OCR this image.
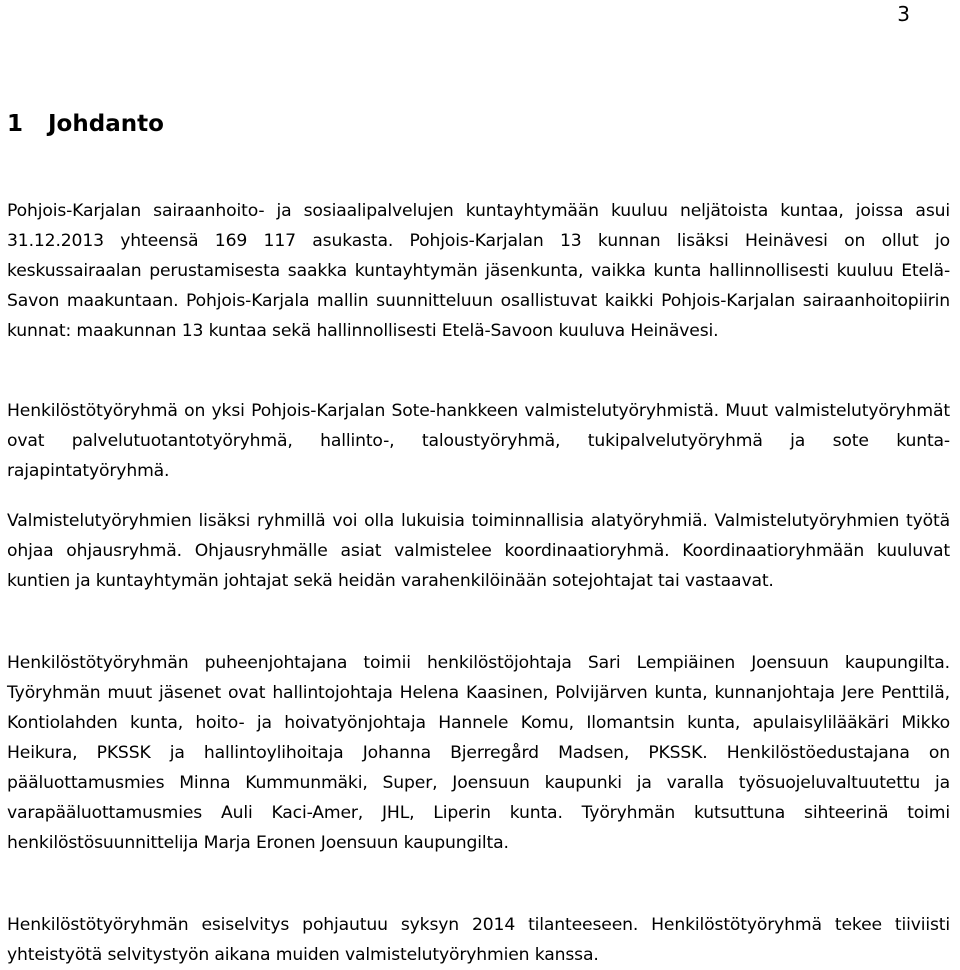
3
1 Johdanto

Pohjois-Karjalan sairaanhoito- ja sosiaalipalvelujen kuntayhtymään kuuluu neljätoista kuntaa, joissa asui 31.12.2013 yhteensä 169 117 asukasta. Pohjois-Karjalan 13 kunnan lisäksi Heinävesi on ollut jo keskussairaalan perustamisesta saakka kuntayhtymän jäsenkunta, vaikka kunta hallinnollisesti kuuluu Etelä-Savon maakuntaan. Pohjois-Karjala mallin suunnitteluun osallistuvat kaikki Pohjois-Karjalan sairaanhoitopiirin kunnat: maakunnan 13 kuntaa sekä hallinnollisesti Etelä-Savoon kuuluva Heinävesi.

Henkilöstötyöryhmä on yksi Pohjois-Karjalan Sote-hankkeen valmistelutyöryhmistä. Muut valmistelutyöryhmät ovat palvelutuotantotyöryhmä, hallinto-, taloustyöryhmä, tukipalvelutyöryhmä ja sote kunta-rajapintatyöryhmä.

Valmistelutyöryhmien lisäksi ryhmillä voi olla lukuisia toiminnallisia alatyöryhmiä. Valmistelutyöryhmien työtä ohjaa ohjausryhmä. Ohjausryhmälle asiat valmistelee koordinaatioryhmä. Koordinaatioryhmään kuuluvat kuntien ja kuntayhtymän johtajat sekä heidän varahenkilöinään sotejohtajat tai vastaavat.

Henkilöstötyöryhmän puheenjohtajana toimii henkilöstöjohtaja Sari Lempiäinen Joensuun kaupungilta. Työryhmän muut jäsenet ovat hallintojohtaja Helena Kaasinen, Polvijärven kunta, kunnanjohtaja Jere Penttilä, Kontiolahden kunta, hoito- ja hoivatyönjohtaja Hannele Komu, Ilomantsin kunta, apulaisylilääkäri Mikko Heikura, PKSSK ja hallintoylihoitaja Johanna Bjerregård Madsen, PKSSK. Henkilöstöedustajana on pääluottamusmies Minna Kummunmäki, Super, Joensuun kaupunki ja varalla työsuojeluvaltuutettu ja varapääluottamusmies Auli Kaci-Amer, JHL, Liperin kunta. Työryhmän kutsuttuna sihteerinä toimi henkilöstösuunnittelija Marja Eronen Joensuun kaupungilta.

Henkilöstötyöryhmän esiselvitys pohjautuu syksyn 2014 tilanteeseen. Henkilöstötyöryhmä tekee tiiviisti yhteistyötä selvitystyön aikana muiden valmistelutyöryhmien kanssa.
